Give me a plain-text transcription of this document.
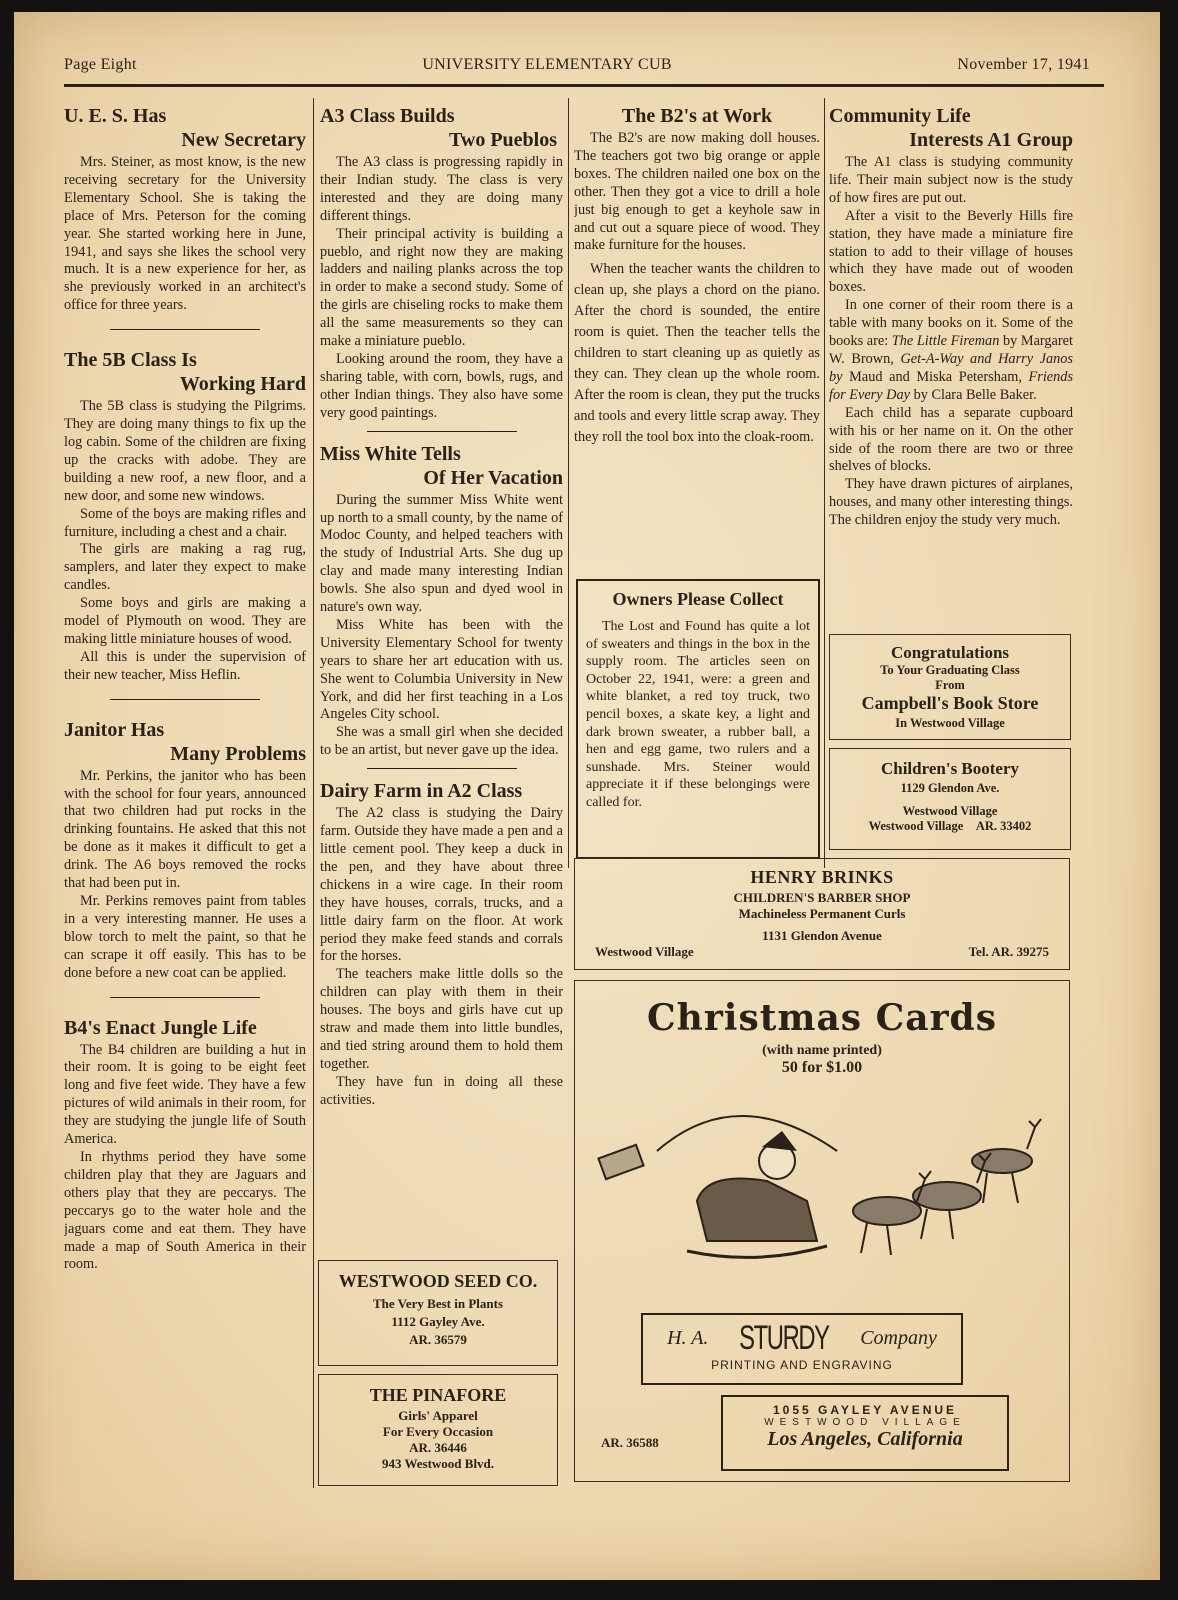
Page Eight	UNIVERSITY ELEMENTARY CUB	November 17, 1941
U. E. S. Has
New Secretary

Mrs. Steiner, as most know, is the new receiving secretary for the University Elementary School. She is taking the place of Mrs. Peterson for the coming year. She started working here in June, 1941, and says she likes the school very much. It is a new experience for her, as she previously worked in an architect's office for three years.

The 5B Class Is
Working Hard

The 5B class is studying the Pilgrims. They are doing many things to fix up the log cabin. Some of the children are fixing up the cracks with adobe. They are building a new roof, a new floor, and a new door, and some new windows.

Some of the boys are making rifles and furniture, including a chest and a chair.

The girls are making a rag rug, samplers, and later they expect to make candles.

Some boys and girls are making a model of Plymouth on wood. They are making little miniature houses of wood.

All this is under the supervision of their new teacher, Miss Heflin.

Janitor Has
Many Problems

Mr. Perkins, the janitor who has been with the school for four years, announced that two children had put rocks in the drinking fountains. He asked that this not be done as it makes it difficult to get a drink. The A6 boys removed the rocks that had been put in.

Mr. Perkins removes paint from tables in a very interesting manner. He uses a blow torch to melt the paint, so that he can scrape it off easily. This has to be done before a new coat can be applied.

B4's Enact Jungle Life

The B4 children are building a hut in their room. It is going to be eight feet long and five feet wide. They have a few pictures of wild animals in their room, for they are studying the jungle life of South America.

In rhythms period they have some children play that they are Jaguars and others play that they are peccarys. The peccarys go to the water hole and the jaguars come and eat them. They have made a map of South America in their room.

A3 Class Builds
Two Pueblos

The A3 class is progressing rapidly in their Indian study. The class is very interested and they are doing many different things.

Their principal activity is building a pueblo, and right now they are making ladders and nailing planks across the top in order to make a second study. Some of the girls are chiseling rocks to make them all the same measurements so they can make a miniature pueblo.

Looking around the room, they have a sharing table, with corn, bowls, rugs, and other Indian things. They also have some very good paintings.

Miss White Tells
Of Her Vacation

During the summer Miss White went up north to a small county, by the name of Modoc County, and helped teachers with the study of Industrial Arts. She dug up clay and made many interesting Indian bowls. She also spun and dyed wool in nature's own way.

Miss White has been with the University Elementary School for twenty years to share her art education with us. She went to Columbia University in New York, and did her first teaching in a Los Angeles City school.

She was a small girl when she decided to be an artist, but never gave up the idea.

Dairy Farm in A2 Class

The A2 class is studying the Dairy farm. Outside they have made a pen and a little cement pool. They keep a duck in the pen, and they have about three chickens in a wire cage. In their room they have houses, corrals, trucks, and a little dairy farm on the floor. At work period they make feed stands and corrals for the horses.

The teachers make little dolls so the children can play with them in their houses. The boys and girls have cut up straw and made them into little bundles, and tied string around them to hold them together.

They have fun in doing all these activities.

WESTWOOD SEED CO.
The Very Best in Plants
1112 Gayley Ave.
AR. 36579
THE PINAFORE
Girls' Apparel
For Every Occasion
AR. 36446
943 Westwood Blvd.
The B2's at Work

The B2's are now making doll houses. The teachers got two big orange or apple boxes. The children nailed one box on the other. Then they got a vice to drill a hole just big enough to get a keyhole saw in and cut out a square piece of wood. They make furniture for the houses.

When the teacher wants the children to clean up, she plays a chord on the piano. After the chord is sounded, the entire room is quiet. Then the teacher tells the children to start cleaning up as quietly as they can. They clean up the whole room. After the room is clean, they put the trucks and tools and every little scrap away. They they roll the tool box into the cloak-room.

Owners Please Collect

The Lost and Found has quite a lot of sweaters and things in the box in the supply room. The articles seen on October 22, 1941, were: a green and white blanket, a red toy truck, two pencil boxes, a skate key, a light and dark brown sweater, a rubber ball, a hen and egg game, two rulers and a sunshade. Mrs. Steiner would appreciate it if these belongings were called for.

Community Life
Interests A1 Group

The A1 class is studying community life. Their main subject now is the study of how fires are put out.

After a visit to the Beverly Hills fire station, they have made a miniature fire station to add to their village of houses which they have made out of wooden boxes.

In one corner of their room there is a table with many books on it. Some of the books are: The Little Fireman by Margaret W. Brown, Get-A-Way and Harry Janos by Maud and Miska Petersham, Friends for Every Day by Clara Belle Baker.

Each child has a separate cupboard with his or her name on it. On the other side of the room there are two or three shelves of blocks.

They have drawn pictures of airplanes, houses, and many other interesting things. The children enjoy the study very much.

Congratulations
To Your Graduating Class
From
Campbell's Book Store
In Westwood Village
Children's Bootery
1129 Glendon Ave.
Westwood Village
Westwood Village AR. 33402
HENRY BRINKS
CHILDREN'S BARBER SHOP
Machineless Permanent Curls
1131 Glendon Avenue
Westwood Village	Tel. AR. 39275
Christmas Cards
(with name printed)
50 for $1.00
H. A. STURDY Company
PRINTING AND ENGRAVING
1055 GAYLEY AVENUE
WESTWOOD VILLAGE
Los Angeles, California
AR. 36588
